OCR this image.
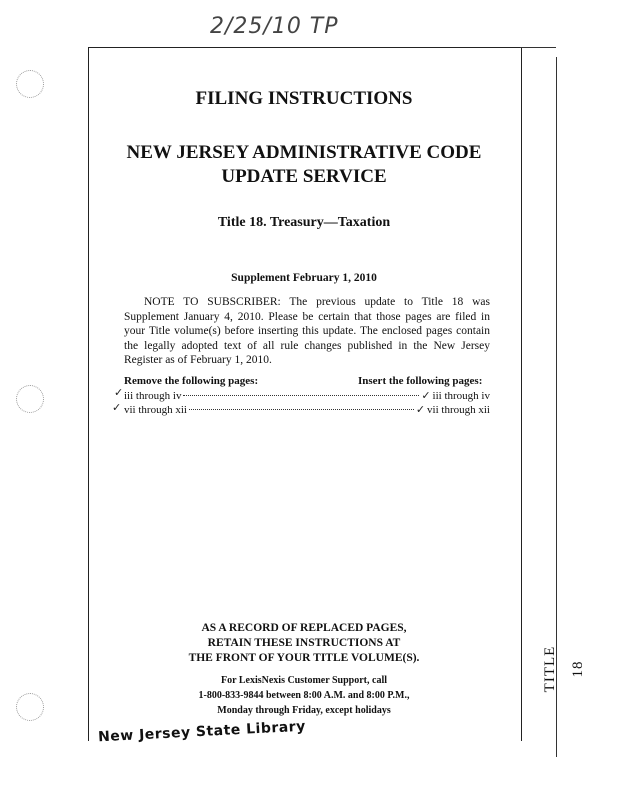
2/25/10 TP
FILING INSTRUCTIONS
NEW JERSEY ADMINISTRATIVE CODE
UPDATE SERVICE
Title 18. Treasury—Taxation
Supplement February 1, 2010
NOTE TO SUBSCRIBER: The previous update to Title 18 was Supplement January 4, 2010. Please be certain that those pages are filed in your Title volume(s) before inserting this update. The enclosed pages contain the legally adopted text of all rule changes published in the New Jersey Register as of February 1, 2010.
Remove the following pages:	Insert the following pages:
✓ iii through iv	✓ iii through iv
✓ vii through xii	✓ vii through xii
AS A RECORD OF REPLACED PAGES,
RETAIN THESE INSTRUCTIONS AT
THE FRONT OF YOUR TITLE VOLUME(S).
For LexisNexis Customer Support, call
1-800-833-9844 between 8:00 A.M. and 8:00 P.M.,
Monday through Friday, except holidays
TITLE 18
New Jersey State Library
